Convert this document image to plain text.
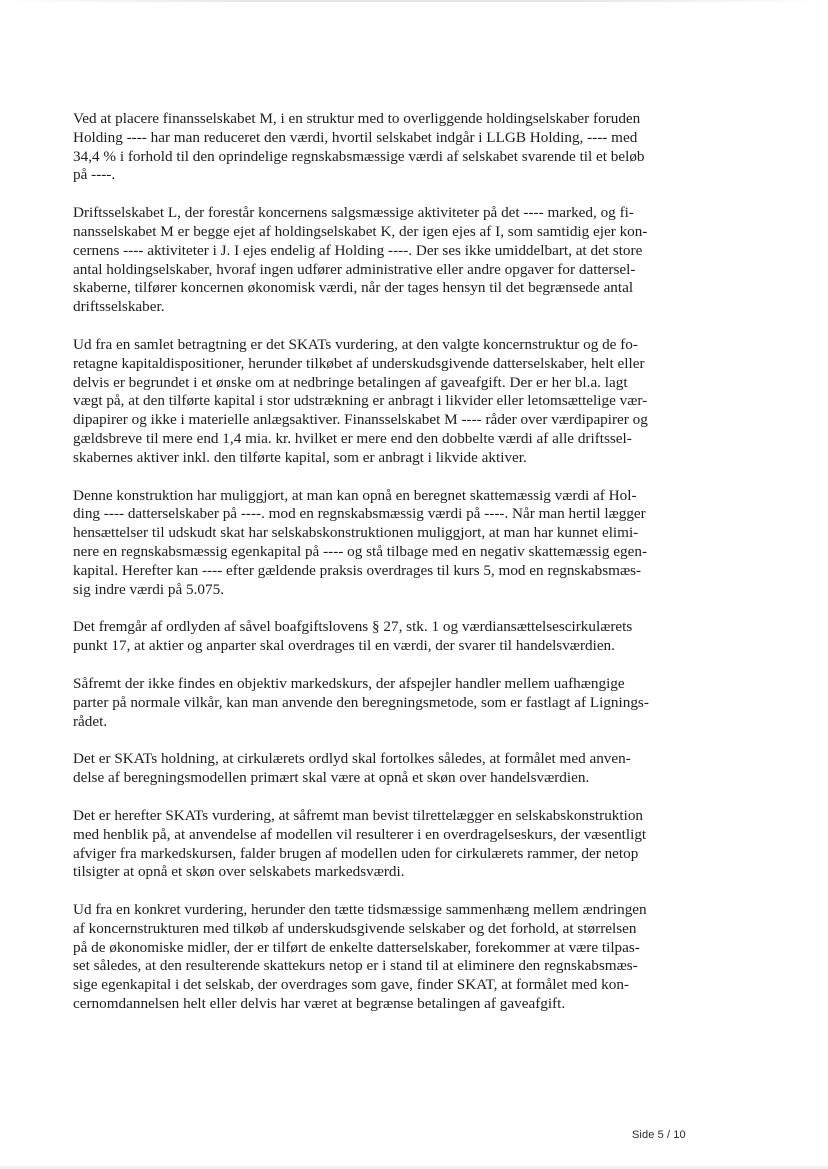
Ved at placere finansselskabet M, i en struktur med to overliggende holdingselskaber foruden
Holding ---- har man reduceret den værdi, hvortil selskabet indgår i LLGB Holding, ---- med
34,4 % i forhold til den oprindelige regnskabsmæssige værdi af selskabet svarende til et beløb
på ----.

Driftsselskabet L, der forestår koncernens salgsmæssige aktiviteter på det ---- marked, og fi-
nansselskabet M er begge ejet af holdingselskabet K, der igen ejes af I, som samtidig ejer kon-
cernens ---- aktiviteter i J. I ejes endelig af Holding ----. Der ses ikke umiddelbart, at det store
antal holdingselskaber, hvoraf ingen udfører administrative eller andre opgaver for dattersel-
skaberne, tilfører koncernen økonomisk værdi, når der tages hensyn til det begrænsede antal
driftsselskaber.

Ud fra en samlet betragtning er det SKATs vurdering, at den valgte koncernstruktur og de fo-
retagne kapitaldispositioner, herunder tilkøbet af underskudsgivende datterselskaber, helt eller
delvis er begrundet i et ønske om at nedbringe betalingen af gaveafgift. Der er her bl.a. lagt
vægt på, at den tilførte kapital i stor udstrækning er anbragt i likvider eller letomsættelige vær-
dipapirer og ikke i materielle anlægsaktiver. Finansselskabet M ---- råder over værdipapirer og
gældsbreve til mere end 1,4 mia. kr. hvilket er mere end den dobbelte værdi af alle driftssel-
skabernes aktiver inkl. den tilførte kapital, som er anbragt i likvide aktiver.

Denne konstruktion har muliggjort, at man kan opnå en beregnet skattemæssig værdi af Hol-
ding ---- datterselskaber på ----. mod en regnskabsmæssig værdi på ----. Når man hertil lægger
hensættelser til udskudt skat har selskabskonstruktionen muliggjort, at man har kunnet elimi-
nere en regnskabsmæssig egenkapital på ---- og stå tilbage med en negativ skattemæssig egen-
kapital. Herefter kan ---- efter gældende praksis overdrages til kurs 5, mod en regnskabsmæs-
sig indre værdi på 5.075.

Det fremgår af ordlyden af såvel boafgiftslovens § 27, stk. 1 og værdiansættelsescirkulærets
punkt 17, at aktier og anparter skal overdrages til en værdi, der svarer til handelsværdien.

Såfremt der ikke findes en objektiv markedskurs, der afspejler handler mellem uafhængige
parter på normale vilkår, kan man anvende den beregningsmetode, som er fastlagt af Lignings-
rådet.

Det er SKATs holdning, at cirkulærets ordlyd skal fortolkes således, at formålet med anven-
delse af beregningsmodellen primært skal være at opnå et skøn over handelsværdien.

Det er herefter SKATs vurdering, at såfremt man bevist tilrettelægger en selskabskonstruktion
med henblik på, at anvendelse af modellen vil resulterer i en overdragelseskurs, der væsentligt
afviger fra markedskursen, falder brugen af modellen uden for cirkulærets rammer, der netop
tilsigter at opnå et skøn over selskabets markedsværdi.

Ud fra en konkret vurdering, herunder den tætte tidsmæssige sammenhæng mellem ændringen
af koncernstrukturen med tilkøb af underskudsgivende selskaber og det forhold, at størrelsen
på de økonomiske midler, der er tilført de enkelte datterselskaber, forekommer at være tilpas-
set således, at den resulterende skattekurs netop er i stand til at eliminere den regnskabsmæs-
sige egenkapital i det selskab, der overdrages som gave, finder SKAT, at formålet med kon-
cernomdannelsen helt eller delvis har været at begrænse betalingen af gaveafgift.

Side 5 / 10
